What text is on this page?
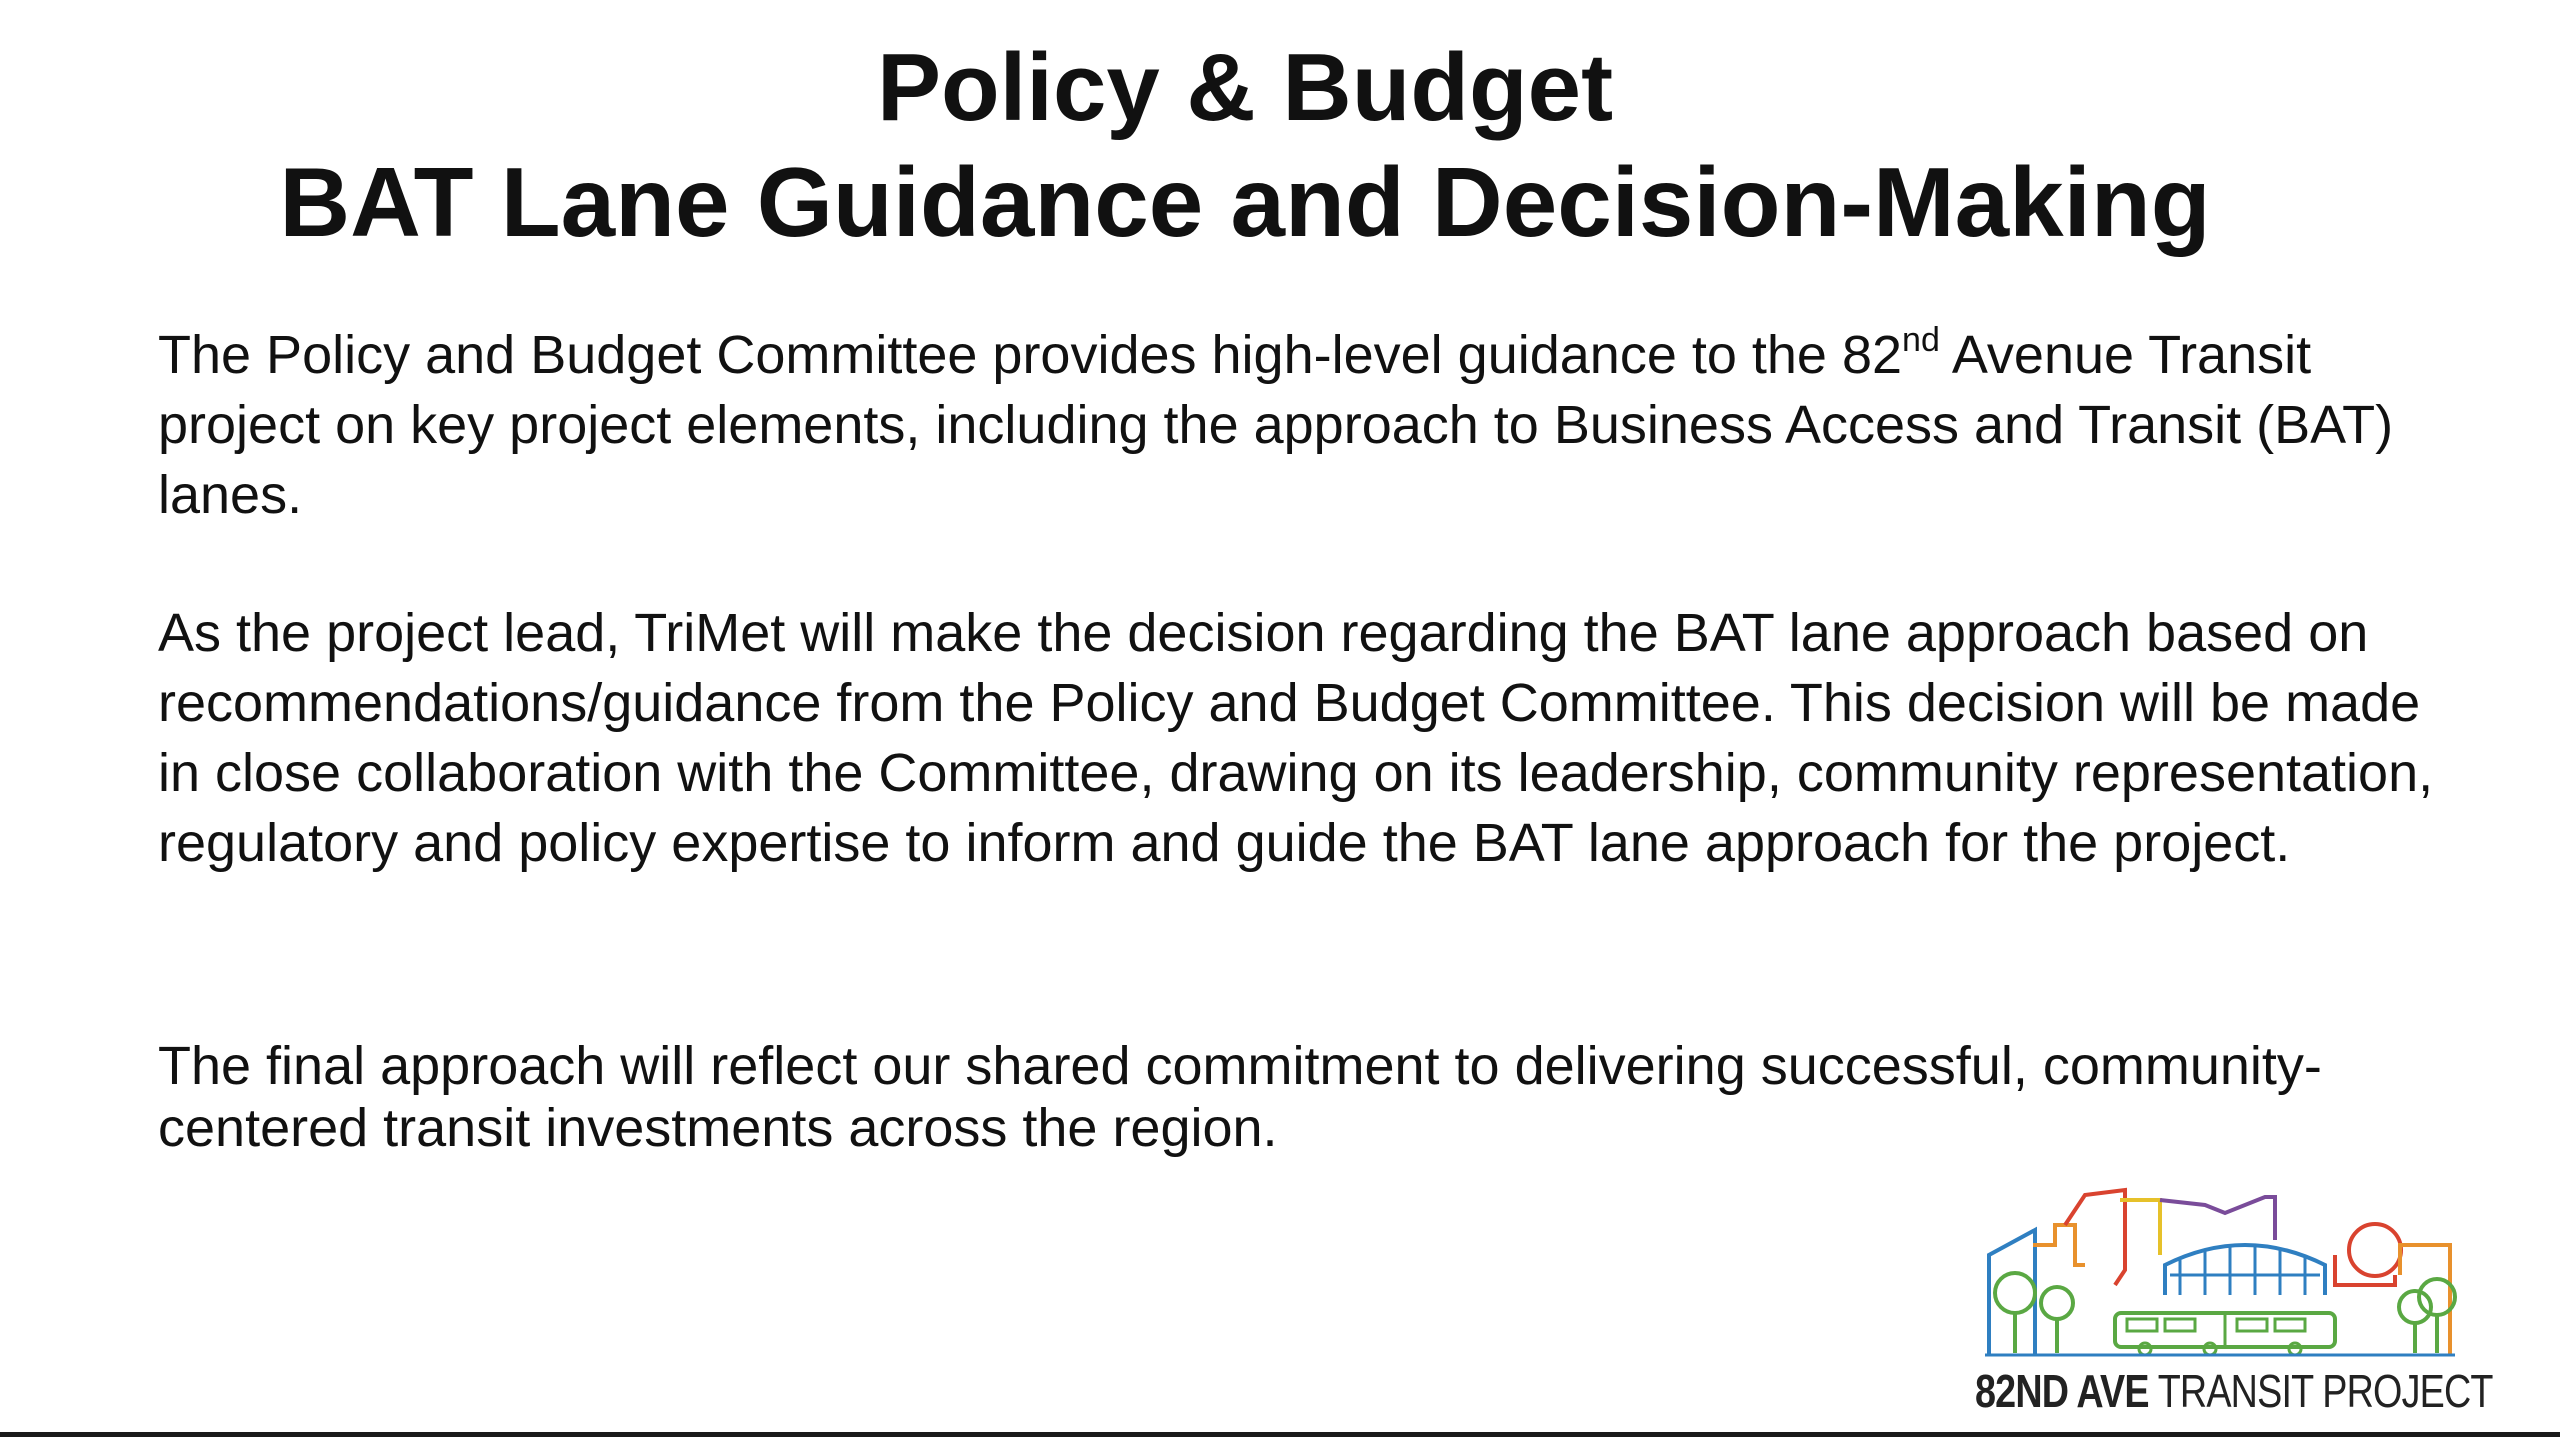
Policy & Budget
BAT Lane Guidance and Decision-Making

The Policy and Budget Committee provides high-level guidance to the 82nd Avenue Transit project on key project elements, including the approach to Business Access and Transit (BAT) lanes.

As the project lead, TriMet will make the decision regarding the BAT lane approach based on recommendations/guidance from the Policy and Budget Committee. This decision will be made in close collaboration with the Committee, drawing on its leadership, community representation, regulatory and policy expertise to inform and guide the BAT lane approach for the project.

The final approach will reflect our shared commitment to delivering successful, community-centered transit investments across the region.

82ND AVE TRANSIT PROJECT
